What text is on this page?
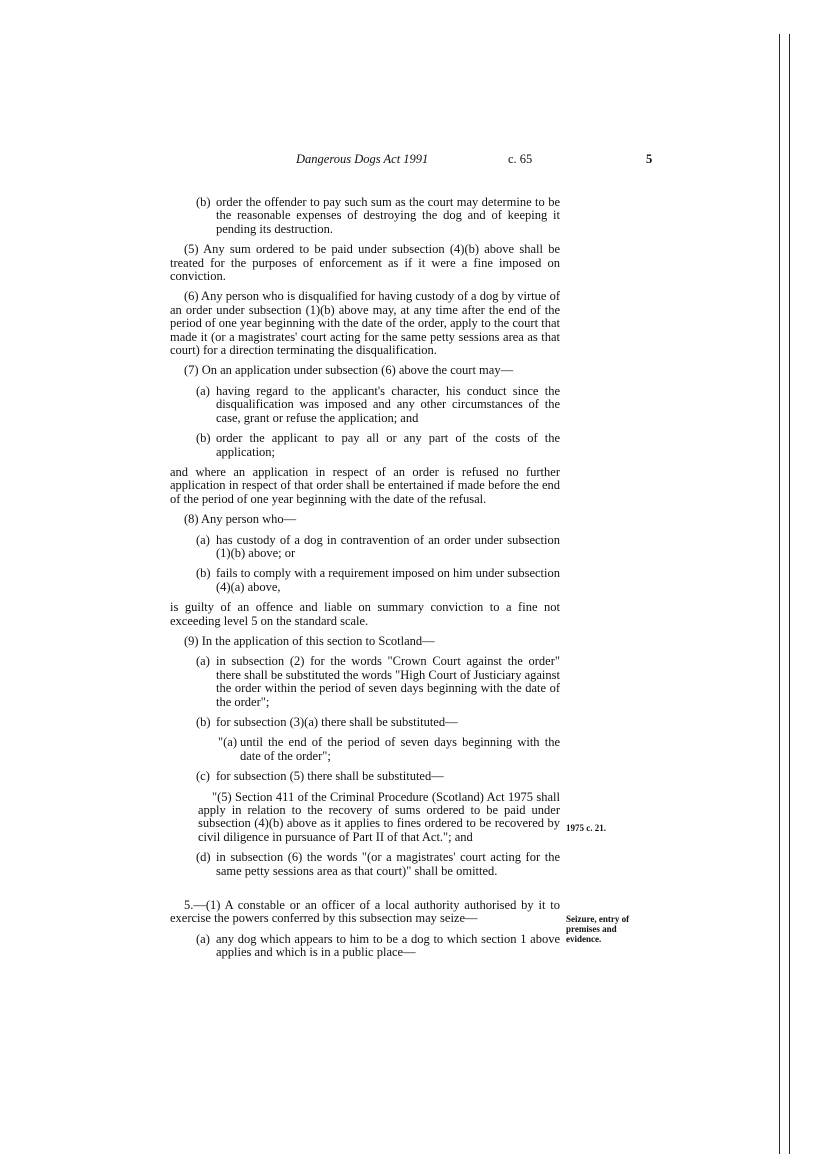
Dangerous Dogs Act 1991	c. 65	5
(b) order the offender to pay such sum as the court may determine to be the reasonable expenses of destroying the dog and of keeping it pending its destruction.

(5) Any sum ordered to be paid under subsection (4)(b) above shall be treated for the purposes of enforcement as if it were a fine imposed on conviction.

(6) Any person who is disqualified for having custody of a dog by virtue of an order under subsection (1)(b) above may, at any time after the end of the period of one year beginning with the date of the order, apply to the court that made it (or a magistrates' court acting for the same petty sessions area as that court) for a direction terminating the disqualification.

(7) On an application under subsection (6) above the court may—

(a) having regard to the applicant's character, his conduct since the disqualification was imposed and any other circumstances of the case, grant or refuse the application; and
(b) order the applicant to pay all or any part of the costs of the application;

and where an application in respect of an order is refused no further application in respect of that order shall be entertained if made before the end of the period of one year beginning with the date of the refusal.

(8) Any person who—

(a) has custody of a dog in contravention of an order under subsection (1)(b) above; or
(b) fails to comply with a requirement imposed on him under subsection (4)(a) above,

is guilty of an offence and liable on summary conviction to a fine not exceeding level 5 on the standard scale.

(9) In the application of this section to Scotland—

(a) in subsection (2) for the words "Crown Court against the order" there shall be substituted the words "High Court of Justiciary against the order within the period of seven days beginning with the date of the order";
(b) for subsection (3)(a) there shall be substituted—
"(a) until the end of the period of seven days beginning with the date of the order";
(c) for subsection (5) there shall be substituted—

"(5) Section 411 of the Criminal Procedure (Scotland) Act 1975 shall apply in relation to the recovery of sums ordered to be paid under subsection (4)(b) above as it applies to fines ordered to be recovered by civil diligence in pursuance of Part II of that Act."; and

(d) in subsection (6) the words "(or a magistrates' court acting for the same petty sessions area as that court)" shall be omitted.

5.—(1) A constable or an officer of a local authority authorised by it to exercise the powers conferred by this subsection may seize—

(a) any dog which appears to him to be a dog to which section 1 above applies and which is in a public place—
1975 c. 21.
Seizure, entry of premises and evidence.
